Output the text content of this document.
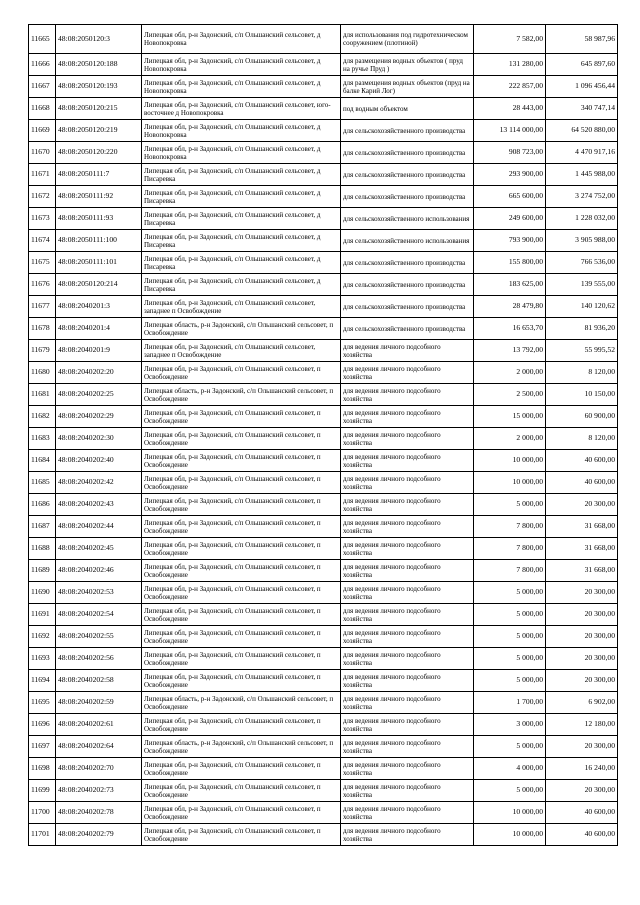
11665	48:08:2050120:3	Липецкая обл, р-н Задонский, с/п Ольшанский сельсовет, д Новопокровка	для использования под гидротехническом сооружением (плотиной)	7 582,00	58 987,96
11666	48:08:2050120:188	Липецкая обл, р-н Задонский, с/п Ольшанский сельсовет, д Новопокровка	для размещения водных объектов ( пруд на ручье Пруд )	131 280,00	645 897,60
11667	48:08:2050120:193	Липецкая обл, р-н Задонский, с/п Ольшанский сельсовет, д Новопокровка	для размещения водных объектов (пруд на балке Карий Лог)	222 857,00	1 096 456,44
11668	48:08:2050120:215	Липецкая обл, р-н Задонский, с/п Ольшанский сельсовет, юго-восточнее д Новопокровка	под водным объектом	28 443,00	340 747,14
11669	48:08:2050120:219	Липецкая обл, р-н Задонский, с/п Ольшанский сельсовет, д Новопокровка	для сельскохозяйственного производства	13 114 000,00	64 520 880,00
11670	48:08:2050120:220	Липецкая обл, р-н Задонский, с/п Ольшанский сельсовет, д Новопокровка	для сельскохозяйственного производства	908 723,00	4 470 917,16
11671	48:08:2050111:7	Липецкая обл, р-н Задонский, с/п Ольшанский сельсовет, д Писаревка	для сельскохозяйственного производства	293 900,00	1 445 988,00
11672	48:08:2050111:92	Липецкая обл, р-н Задонский, с/п Ольшанский сельсовет, д Писаревка	для сельскохозяйственного производства	665 600,00	3 274 752,00
11673	48:08:2050111:93	Липецкая обл, р-н Задонский, с/п Ольшанский сельсовет, д Писаревка	для сельскохозяйственного использования	249 600,00	1 228 032,00
11674	48:08:2050111:100	Липецкая обл, р-н Задонский, с/п Ольшанский сельсовет, д Писаревка	для сельскохозяйственного использования	793 900,00	3 905 988,00
11675	48:08:2050111:101	Липецкая обл, р-н Задонский, с/п Ольшанский сельсовет, д Писаревка	для сельскохозяйственного производства	155 800,00	766 536,00
11676	48:08:2050120:214	Липецкая обл, р-н Задонский, с/п Ольшанский сельсовет, д Писаревка	для сельскохозяйственного производства	183 625,00	139 555,00
11677	48:08:2040201:3	Липецкая обл, р-н Задонский, с/п Ольшанский сельсовет, западнее п Освобождение	для сельскохозяйственного производства	28 479,80	140 120,62
11678	48:08:2040201:4	Липецкая область, р-н Задонский, с/п Ольшанский сельсовет, п Освобождение	для сельскохозяйственного производства	16 653,70	81 936,20
11679	48:08:2040201:9	Липецкая обл, р-н Задонский, с/п Ольшанский сельсовет, западнее п Освобождение	для ведения личного подсобного хозяйства	13 792,00	55 995,52
11680	48:08:2040202:20	Липецкая обл, р-н Задонский, с/п Ольшанский сельсовет, п Освобождение	для ведения личного подсобного хозяйства	2 000,00	8 120,00
11681	48:08:2040202:25	Липецкая область, р-н Задонский, с/п Ольшанский сельсовет, п Освобождение	для ведения личного подсобного хозяйства	2 500,00	10 150,00
11682	48:08:2040202:29	Липецкая обл, р-н Задонский, с/п Ольшанский сельсовет, п Освобождение	для ведения личного подсобного хозяйства	15 000,00	60 900,00
11683	48:08:2040202:30	Липецкая обл, р-н Задонский, с/п Ольшанский сельсовет, п Освобождение	для ведения личного подсобного хозяйства	2 000,00	8 120,00
11684	48:08:2040202:40	Липецкая обл, р-н Задонский, с/п Ольшанский сельсовет, п Освобождение	для ведения личного подсобного хозяйства	10 000,00	40 600,00
11685	48:08:2040202:42	Липецкая обл, р-н Задонский, с/п Ольшанский сельсовет, п Освобождение	для ведения личного подсобного хозяйства	10 000,00	40 600,00
11686	48:08:2040202:43	Липецкая обл, р-н Задонский, с/п Ольшанский сельсовет, п Освобождение	для ведения личного подсобного хозяйства	5 000,00	20 300,00
11687	48:08:2040202:44	Липецкая обл, р-н Задонский, с/п Ольшанский сельсовет, п Освобождение	для ведения личного подсобного хозяйства	7 800,00	31 668,00
11688	48:08:2040202:45	Липецкая обл, р-н Задонский, с/п Ольшанский сельсовет, п Освобождение	для ведения личного подсобного хозяйства	7 800,00	31 668,00
11689	48:08:2040202:46	Липецкая обл, р-н Задонский, с/п Ольшанский сельсовет, п Освобождение	для ведения личного подсобного хозяйства	7 800,00	31 668,00
11690	48:08:2040202:53	Липецкая обл, р-н Задонский, с/п Ольшанский сельсовет, п Освобождение	для ведения личного подсобного хозяйства	5 000,00	20 300,00
11691	48:08:2040202:54	Липецкая обл, р-н Задонский, с/п Ольшанский сельсовет, п Освобождение	для ведения личного подсобного хозяйства	5 000,00	20 300,00
11692	48:08:2040202:55	Липецкая обл, р-н Задонский, с/п Ольшанский сельсовет, п Освобождение	для ведения личного подсобного хозяйства	5 000,00	20 300,00
11693	48:08:2040202:56	Липецкая обл, р-н Задонский, с/п Ольшанский сельсовет, п Освобождение	для ведения личного подсобного хозяйства	5 000,00	20 300,00
11694	48:08:2040202:58	Липецкая обл, р-н Задонский, с/п Ольшанский сельсовет, п Освобождение	для ведения личного подсобного хозяйства	5 000,00	20 300,00
11695	48:08:2040202:59	Липецкая область, р-н Задонский, с/п Ольшанский сельсовет, п Освобождение	для ведения личного подсобного хозяйства	1 700,00	6 902,00
11696	48:08:2040202:61	Липецкая обл, р-н Задонский, с/п Ольшанский сельсовет, п Освобождение	для ведения личного подсобного хозяйства	3 000,00	12 180,00
11697	48:08:2040202:64	Липецкая область, р-н Задонский, с/п Ольшанский сельсовет, п Освобождение	для ведения личного подсобного хозяйства	5 000,00	20 300,00
11698	48:08:2040202:70	Липецкая обл, р-н Задонский, с/п Ольшанский сельсовет, п Освобождение	для ведения личного подсобного хозяйства	4 000,00	16 240,00
11699	48:08:2040202:73	Липецкая обл, р-н Задонский, с/п Ольшанский сельсовет, п Освобождение	для ведения личного подсобного хозяйства	5 000,00	20 300,00
11700	48:08:2040202:78	Липецкая обл, р-н Задонский, с/п Ольшанский сельсовет, п Освобождение	для ведения личного подсобного хозяйства	10 000,00	40 600,00
11701	48:08:2040202:79	Липецкая обл, р-н Задонский, с/п Ольшанский сельсовет, п Освобождение	для ведения личного подсобного хозяйства	10 000,00	40 600,00
